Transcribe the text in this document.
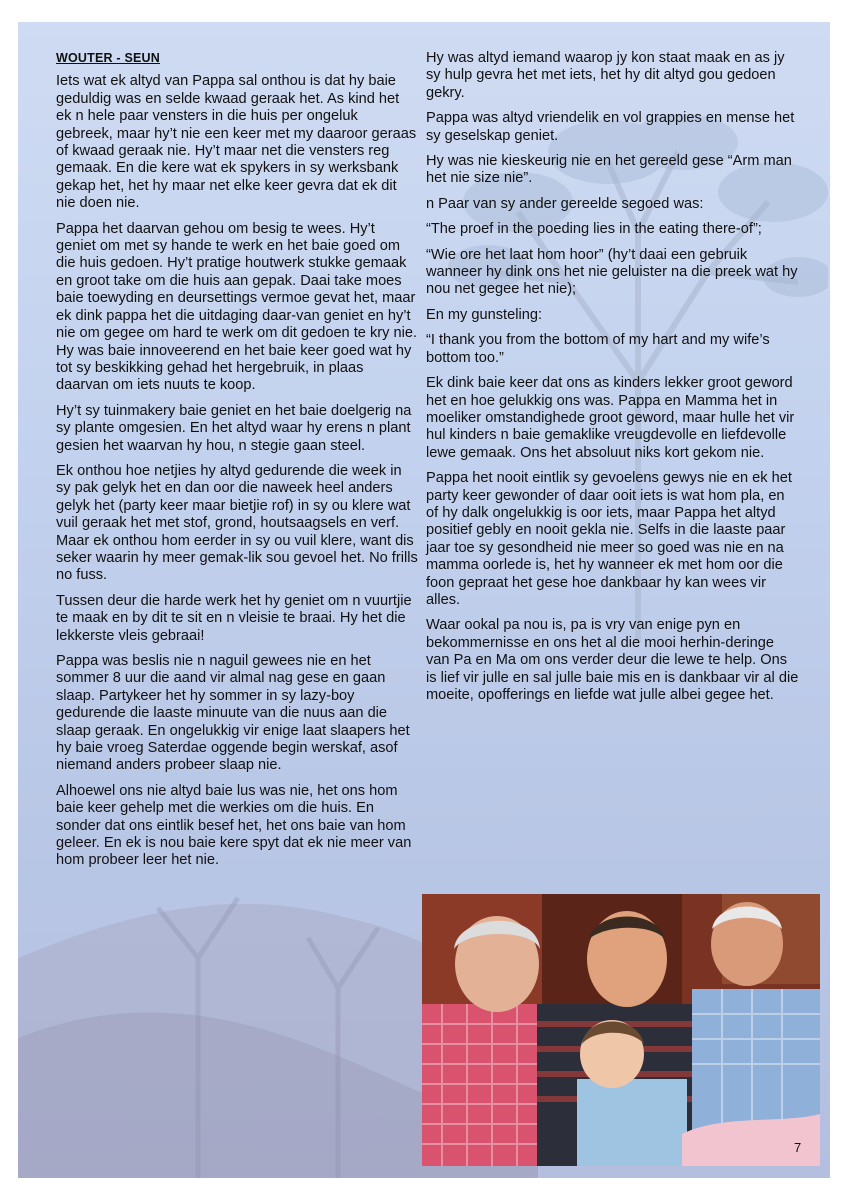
WOUTER - SEUN

Iets wat ek altyd van Pappa sal onthou is dat hy baie geduldig was en selde kwaad geraak het. As kind het ek n hele paar vensters in die huis per ongeluk gebreek, maar hy’t nie een keer met my daaroor geraas of kwaad geraak nie. Hy’t maar net die vensters reg gemaak. En die kere wat ek spykers in sy werksbank gekap het, het hy maar net elke keer gevra dat ek dit nie doen nie.

Pappa het daarvan gehou om besig te wees. Hy’t geniet om met sy hande te werk en het baie goed om die huis gedoen. Hy’t pratige houtwerk stukke gemaak en groot take om die huis aan gepak. Daai take moes baie toewyding en deursettings vermoe gevat het, maar ek dink pappa het die uitdaging daar-van geniet en hy’t nie om gegee om hard te werk om dit gedoen te kry nie. Hy was baie innoveerend en het baie keer goed wat hy tot sy beskikking gehad het hergebruik, in plaas daarvan om iets nuuts te koop.

Hy’t sy tuinmakery baie geniet en het baie doelgerig na sy plante omgesien. En het altyd waar hy erens n plant gesien het waarvan hy hou, n stegie gaan steel.

Ek onthou hoe netjies hy altyd gedurende die week in sy pak gelyk het en dan oor die naweek heel anders gelyk het (party keer maar bietjie rof) in sy ou klere wat vuil geraak het met stof, grond, houtsaagsels en verf. Maar ek onthou hom eerder in sy ou vuil klere, want dis seker waarin hy meer gemak-lik sou gevoel het. No frills no fuss.

Tussen deur die harde werk het hy geniet om n vuurtjie te maak en by dit te sit en n vleisie te braai. Hy het die lekkerste vleis gebraai!

Pappa was beslis nie n naguil gewees nie en het sommer 8 uur die aand vir almal nag gese en gaan slaap. Partykeer het hy sommer in sy lazy-boy gedurende die laaste minuute van die nuus aan die slaap geraak. En ongelukkig vir enige laat slaapers het hy baie vroeg Saterdae oggende begin werskaf, asof niemand anders probeer slaap nie.

Alhoewel ons nie altyd baie lus was nie, het ons hom baie keer gehelp met die werkies om die huis. En sonder dat ons eintlik besef het, het ons baie van hom geleer. En ek is nou baie kere spyt dat ek nie meer van hom probeer leer het nie.

Hy was altyd iemand waarop jy kon staat maak en as jy sy hulp gevra het met iets, het hy dit altyd gou gedoen gekry.

Pappa was altyd vriendelik en vol grappies en mense het sy geselskap geniet.

Hy was nie kieskeurig nie en het gereeld gese “Arm man het nie size nie”.

n Paar van sy ander gereelde segoed was:

“The proef in the poeding lies in the eating there-of”;

“Wie ore het laat hom hoor” (hy’t daai een gebruik wanneer hy dink ons het nie geluister na die preek wat hy nou net gegee het nie);

En my gunsteling:

“I thank you from the bottom of my hart and my wife’s bottom too.”

Ek dink baie keer dat ons as kinders lekker groot geword het en hoe gelukkig ons was. Pappa en Mamma het in moeliker omstandighede groot geword, maar hulle het vir hul kinders n baie gemaklike vreugdevolle en liefdevolle lewe gemaak. Ons het absoluut niks kort gekom nie.

Pappa het nooit eintlik sy gevoelens gewys nie en ek het party keer gewonder of daar ooit iets is wat hom pla, en of hy dalk ongelukkig is oor iets, maar Pappa het altyd positief gebly en nooit gekla nie. Selfs in die laaste paar jaar toe sy gesondheid nie meer so goed was nie en na mamma oorlede is, het hy wanneer ek met hom oor die foon gepraat het gese hoe dankbaar hy kan wees vir alles.

Waar ookal pa nou is, pa is vry van enige pyn en bekommernisse en ons het al die mooi herhin-deringe van Pa en Ma om ons verder deur die lewe te help. Ons is lief vir julle en sal julle baie mis en is dankbaar vir al die moeite, opofferings en liefde wat julle albei gegee het.

7
